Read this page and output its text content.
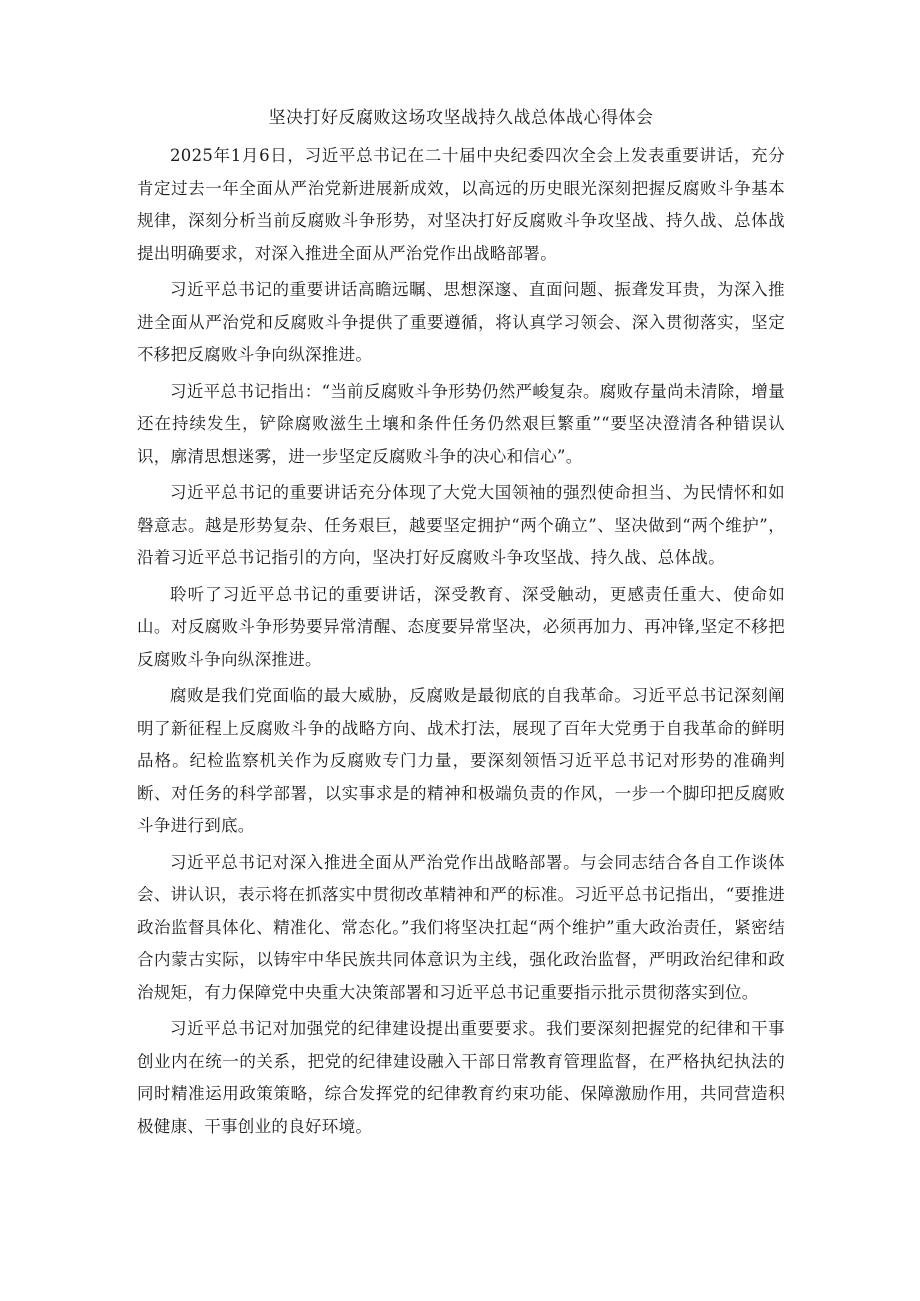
坚决打好反腐败这场攻坚战持久战总体战心得体会

2025年1月6日，习近平总书记在二十届中央纪委四次全会上发表重要讲话，充分肯定过去一年全面从严治党新进展新成效，以高远的历史眼光深刻把握反腐败斗争基本规律，深刻分析当前反腐败斗争形势，对坚决打好反腐败斗争攻坚战、持久战、总体战提出明确要求，对深入推进全面从严治党作出战略部署。

习近平总书记的重要讲话高瞻远瞩、思想深邃、直面问题、振聋发耳贵，为深入推进全面从严治党和反腐败斗争提供了重要遵循，将认真学习领会、深入贯彻落实，坚定不移把反腐败斗争向纵深推进。

习近平总书记指出：“当前反腐败斗争形势仍然严峻复杂。腐败存量尚未清除，增量还在持续发生，铲除腐败滋生土壤和条件任务仍然艰巨繁重”“要坚决澄清各种错误认识，廓清思想迷雾，进一步坚定反腐败斗争的决心和信心”。

习近平总书记的重要讲话充分体现了大党大国领袖的强烈使命担当、为民情怀和如磐意志。越是形势复杂、任务艰巨，越要坚定拥护“两个确立”、坚决做到“两个维护”，沿着习近平总书记指引的方向，坚决打好反腐败斗争攻坚战、持久战、总体战。

聆听了习近平总书记的重要讲话，深受教育、深受触动，更感责任重大、使命如山。对反腐败斗争形势要异常清醒、态度要异常坚决，必须再加力、再冲锋,坚定不移把反腐败斗争向纵深推进。

腐败是我们党面临的最大威胁，反腐败是最彻底的自我革命。习近平总书记深刻阐明了新征程上反腐败斗争的战略方向、战术打法，展现了百年大党勇于自我革命的鲜明品格。纪检监察机关作为反腐败专门力量，要深刻领悟习近平总书记对形势的准确判断、对任务的科学部署，以实事求是的精神和极端负责的作风，一步一个脚印把反腐败斗争进行到底。

习近平总书记对深入推进全面从严治党作出战略部署。与会同志结合各自工作谈体会、讲认识，表示将在抓落实中贯彻改革精神和严的标准。习近平总书记指出，“要推进政治监督具体化、精准化、常态化。”我们将坚决扛起“两个维护”重大政治责任，紧密结合内蒙古实际，以铸牢中华民族共同体意识为主线，强化政治监督，严明政治纪律和政治规矩，有力保障党中央重大决策部署和习近平总书记重要指示批示贯彻落实到位。

习近平总书记对加强党的纪律建设提出重要要求。我们要深刻把握党的纪律和干事创业内在统一的关系，把党的纪律建设融入干部日常教育管理监督，在严格执纪执法的同时精准运用政策策略，综合发挥党的纪律教育约束功能、保障激励作用，共同营造积极健康、干事创业的良好环境。
